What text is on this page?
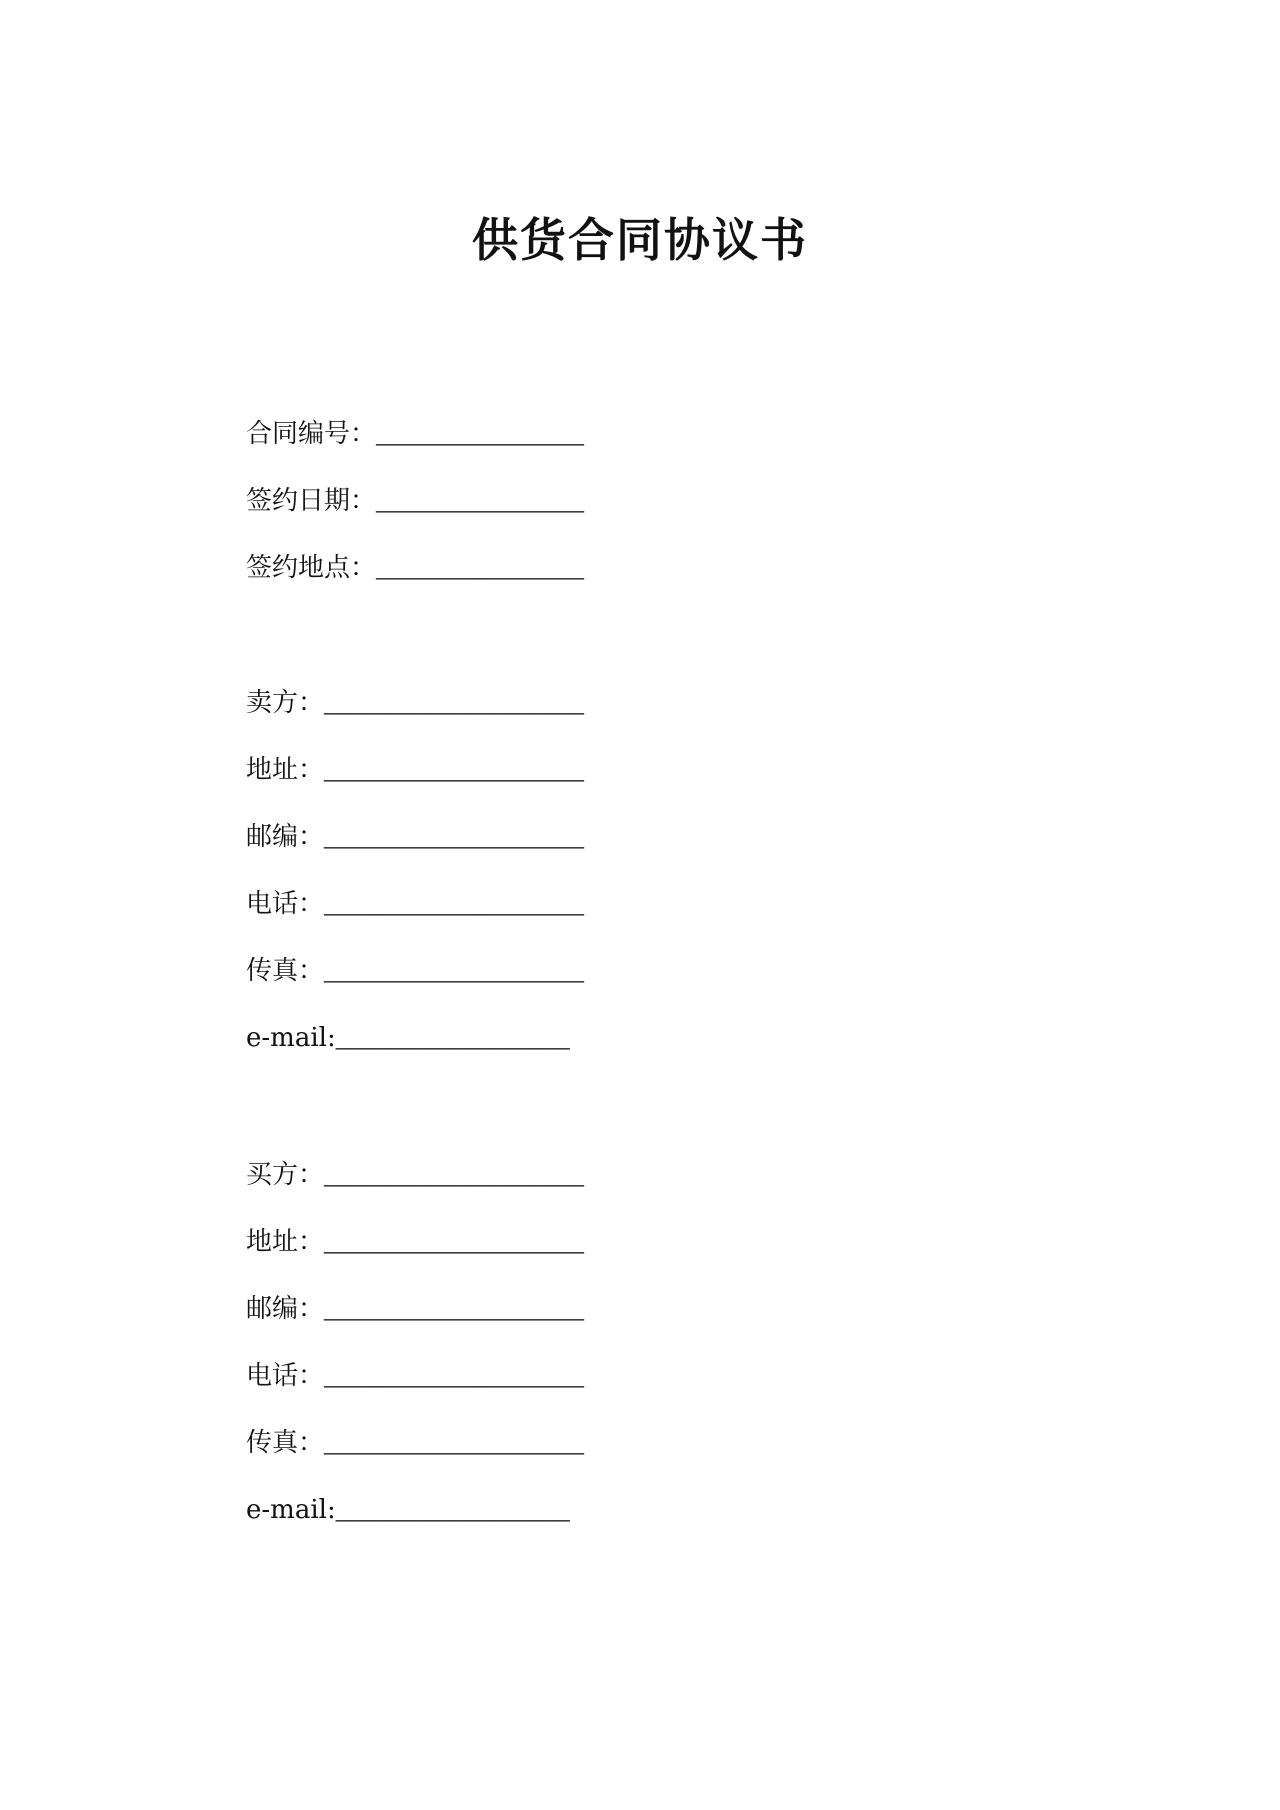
供货合同协议书
合同编号：________________
签约日期：________________
签约地点：________________
卖方：____________________
地址：____________________
邮编：____________________
电话：____________________
传真：____________________
e-mail:__________________
买方：____________________
地址：____________________
邮编：____________________
电话：____________________
传真：____________________
e-mail:__________________
